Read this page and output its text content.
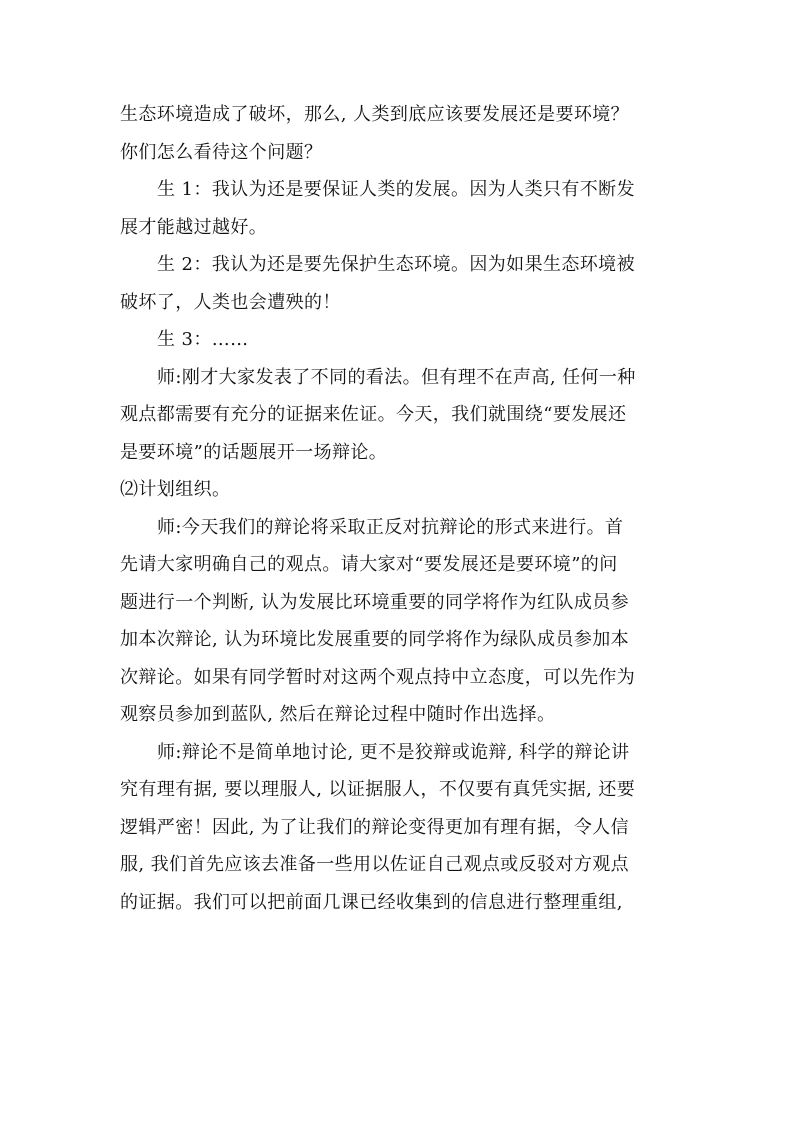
生态环境造成了破坏，那么, 人类到底应该要发展还是要环境？
你们怎么看待这个问题？
生 1：我认为还是要保证人类的发展。因为人类只有不断发
展才能越过越好。
生 2：我认为还是要先保护生态环境。因为如果生态环境被
破坏了，人类也会遭殃的！
生 3：……
师:刚才大家发表了不同的看法。但有理不在声高, 任何一种
观点都需要有充分的证据来佐证。今天，我们就围绕“要发展还
是要环境”的话题展开一场辩论。
⑵计划组织。
师:今天我们的辩论将采取正反对抗辩论的形式来进行。首
先请大家明确自己的观点。请大家对“要发展还是要环境”的问
题进行一个判断, 认为发展比环境重要的同学将作为红队成员参
加本次辩论, 认为环境比发展重要的同学将作为绿队成员参加本
次辩论。如果有同学暂时对这两个观点持中立态度，可以先作为
观察员参加到蓝队, 然后在辩论过程中随时作出选择。
师:辩论不是简单地讨论, 更不是狡辩或诡辩, 科学的辩论讲
究有理有据, 要以理服人, 以证据服人，不仅要有真凭实据, 还要
逻辑严密！因此, 为了让我们的辩论变得更加有理有据，令人信
服, 我们首先应该去准备一些用以佐证自己观点或反驳对方观点
的证据。我们可以把前面几课已经收集到的信息进行整理重组,
